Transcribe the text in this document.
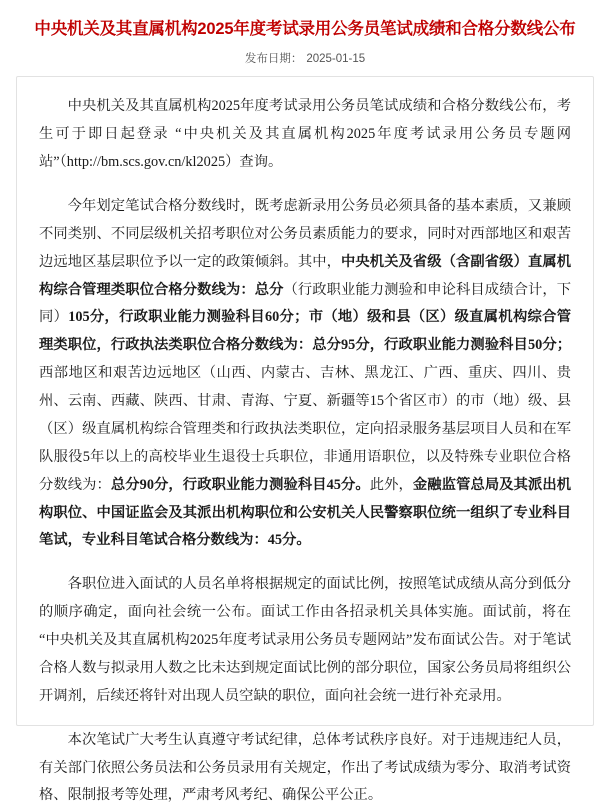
中央机关及其直属机构2025年度考试录用公务员笔试成绩和合格分数线公布
发布日期： 2025-01-15

中央机关及其直属机构2025年度考试录用公务员笔试成绩和合格分数线公布，考生可于即日起登录 “中央机关及其直属机构2025年度考试录用公务员专题网站”（http://bm.scs.gov.cn/kl2025）查询。

今年划定笔试合格分数线时，既考虑新录用公务员必须具备的基本素质，又兼顾不同类别、不同层级机关招考职位对公务员素质能力的要求，同时对西部地区和艰苦边远地区基层职位予以一定的政策倾斜。其中，中央机关及省级（含副省级）直属机构综合管理类职位合格分数线为：总分（行政职业能力测验和申论科目成绩合计，下同）105分，行政职业能力测验科目60分；市（地）级和县（区）级直属机构综合管理类职位，行政执法类职位合格分数线为：总分95分，行政职业能力测验科目50分；西部地区和艰苦边远地区（山西、内蒙古、吉林、黑龙江、广西、重庆、四川、贵州、云南、西藏、陕西、甘肃、青海、宁夏、新疆等15个省区市）的市（地）级、县（区）级直属机构综合管理类和行政执法类职位，定向招录服务基层项目人员和在军队服役5年以上的高校毕业生退役士兵职位，非通用语职位，以及特殊专业职位合格分数线为：总分90分，行政职业能力测验科目45分。此外，金融监管总局及其派出机构职位、中国证监会及其派出机构职位和公安机关人民警察职位统一组织了专业科目笔试，专业科目笔试合格分数线为：45分。

各职位进入面试的人员名单将根据规定的面试比例，按照笔试成绩从高分到低分的顺序确定，面向社会统一公布。面试工作由各招录机关具体实施。面试前，将在 “中央机关及其直属机构2025年度考试录用公务员专题网站”发布面试公告。对于笔试合格人数与拟录用人数之比未达到规定面试比例的部分职位，国家公务员局将组织公开调剂，后续还将针对出现人员空缺的职位，面向社会统一进行补充录用。

本次笔试广大考生认真遵守考试纪律，总体考试秩序良好。对于违规违纪人员，有关部门依照公务员法和公务员录用有关规定，作出了考试成绩为零分、取消考试资格、限制报考等处理，严肃考风考纪、确保公平公正。
